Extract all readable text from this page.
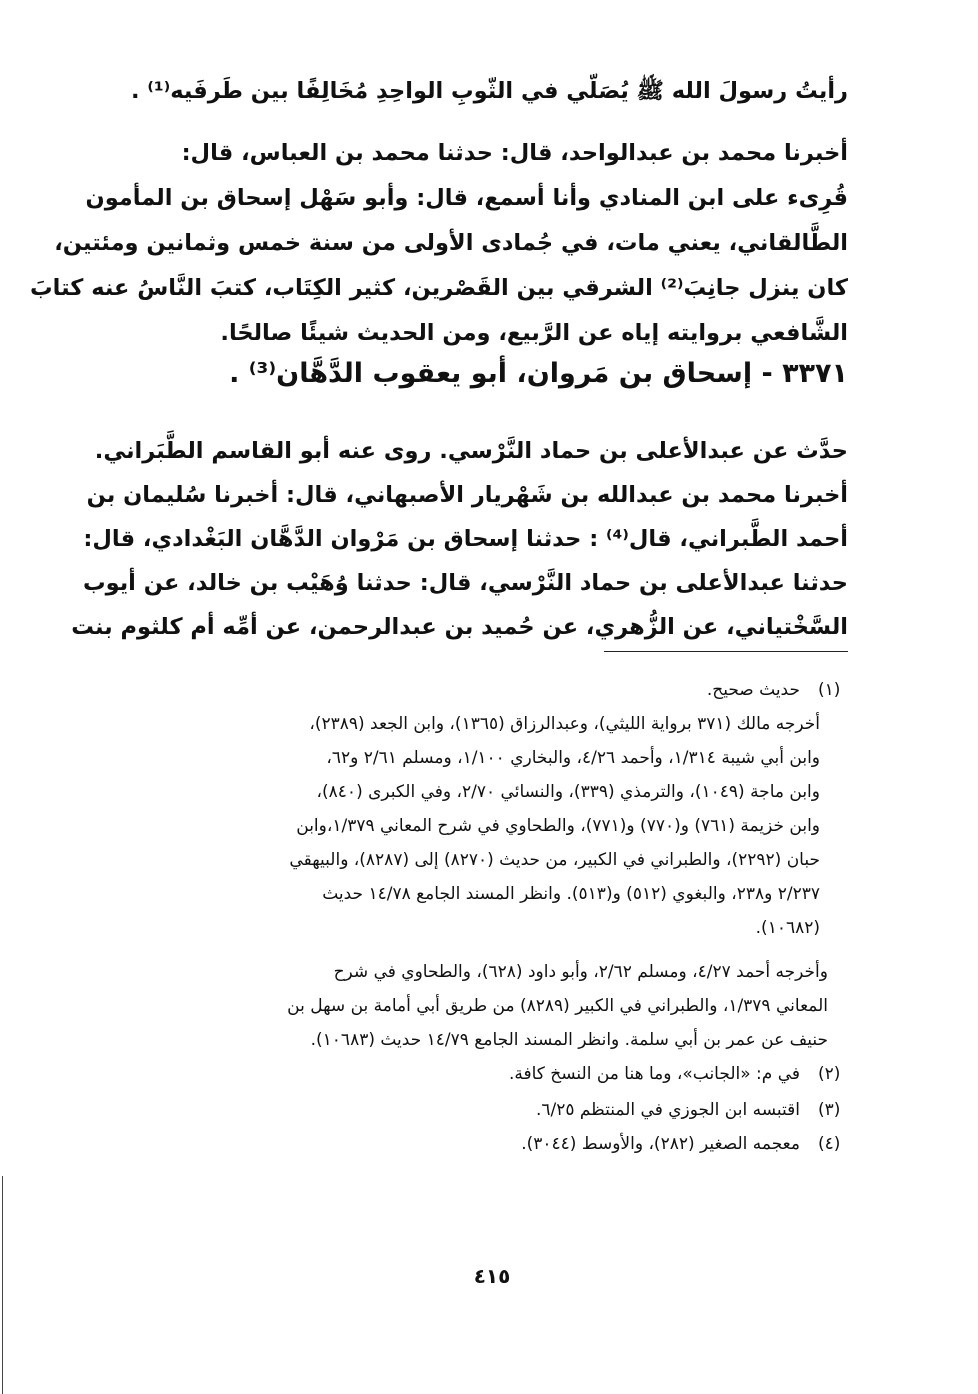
رأيتُ رسولَ الله ﷺ يُصَلّي في الثّوبِ الواحِدِ مُخَالِفًا بين طَرفَيه⁽¹⁾ .
أخبرنا محمد بن عبدالواحد، قال: حدثنا محمد بن العباس، قال:
قُرِىء على ابن المنادي وأنا أسمع، قال: وأبو سَهْل إسحاق بن المأمون
الطَّالقاني، يعني مات، في جُمادى الأولى من سنة خمس وثمانين ومئتين،
كان ينزل جانِبَ⁽²⁾ الشرقي بين القَصْرين، كثير الكِتَاب، كتبَ النَّاسُ عنه كتابَ
الشَّافعي بروايته إياه عن الرَّبيع، ومن الحديث شيئًا صالحًا.
٣٣٧١ - إسحاق بن مَروان، أبو يعقوب الدَّهَّان⁽³⁾ .
حدَّث عن عبدالأعلى بن حماد النَّرْسي. روى عنه أبو القاسم الطَّبَراني.
أخبرنا محمد بن عبدالله بن شَهْريار الأصبهاني، قال: أخبرنا سُليمان بن
أحمد الطَّبراني، قال⁽⁴⁾ : حدثنا إسحاق بن مَرْوان الدَّهَّان البَغْدادي، قال:
حدثنا عبدالأعلى بن حماد النَّرْسي، قال: حدثنا وُهَيْب بن خالد، عن أيوب
السَّخْتياني، عن الزُّهري، عن حُميد بن عبدالرحمن، عن أمِّه أم كلثوم بنت
(١)
حديث صحيح.
أخرجه مالك (٣٧١ برواية الليثي)، وعبدالرزاق (١٣٦٥)، وابن الجعد (٢٣٨٩)،
وابن أبي شيبة ١/٣١٤، وأحمد ٤/٢٦، والبخاري ١/١٠٠، ومسلم ٢/٦١ و٦٢،
وابن ماجة (١٠٤٩)، والترمذي (٣٣٩)، والنسائي ٢/٧٠، وفي الكبرى (٨٤٠)،
وابن خزيمة (٧٦١) و(٧٧٠) و(٧٧١)، والطحاوي في شرح المعاني ١/٣٧٩،وابن
حبان (٢٢٩٢)، والطبراني في الكبير، من حديث (٨٢٧٠) إلى (٨٢٨٧)، والبيهقي
٢/٢٣٧ و٢٣٨، والبغوي (٥١٢) و(٥١٣). وانظر المسند الجامع ١٤/٧٨ حديث
(١٠٦٨٢).
وأخرجه أحمد ٤/٢٧، ومسلم ٢/٦٢، وأبو داود (٦٢٨)، والطحاوي في شرح
المعاني ١/٣٧٩، والطبراني في الكبير (٨٢٨٩) من طريق أبي أمامة بن سهل بن
حنيف عن عمر بن أبي سلمة. وانظر المسند الجامع ١٤/٧٩ حديث (١٠٦٨٣).
(٢)
في م: «الجانب»، وما هنا من النسخ كافة.
(٣)
اقتبسه ابن الجوزي في المنتظم ٦/٢٥.
(٤)
معجمه الصغير (٢٨٢)، والأوسط (٣٠٤٤).
٤١٥
